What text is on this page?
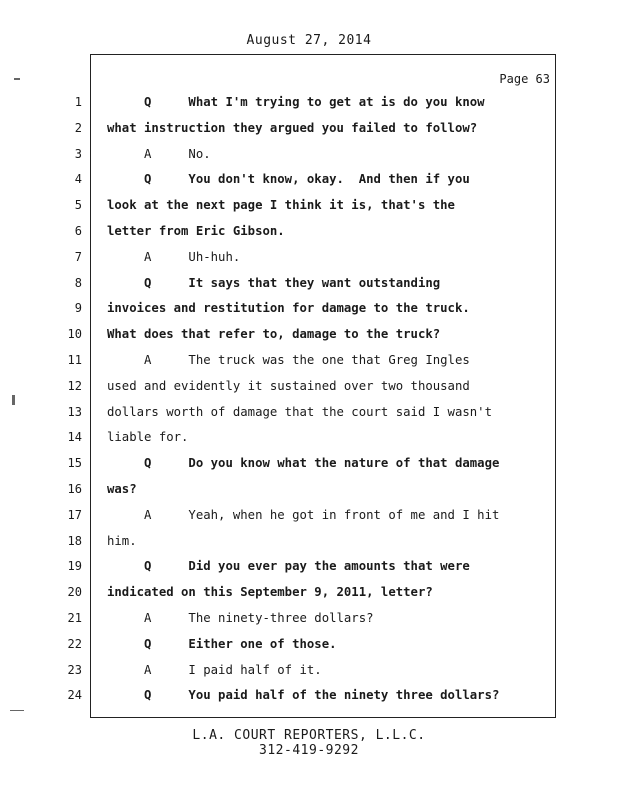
August 27, 2014
Page 63
1 Q     What I'm trying to get at is do you know
2 what instruction they argued you failed to follow?
3 A     No.
4 Q     You don't know, okay.  And then if you
5 look at the next page I think it is, that's the
6 letter from Eric Gibson.
7 A     Uh-huh.
8 Q     It says that they want outstanding
9 invoices and restitution for damage to the truck.
10 What does that refer to, damage to the truck?
11 A     The truck was the one that Greg Ingles
12 used and evidently it sustained over two thousand
13 dollars worth of damage that the court said I wasn't
14 liable for.
15 Q     Do you know what the nature of that damage
16 was?
17 A     Yeah, when he got in front of me and I hit
18 him.
19 Q     Did you ever pay the amounts that were
20 indicated on this September 9, 2011, letter?
21 A     The ninety-three dollars?
22 Q     Either one of those.
23 A     I paid half of it.
24 Q     You paid half of the ninety three dollars?
L.A. COURT REPORTERS, L.L.C.
312-419-9292
